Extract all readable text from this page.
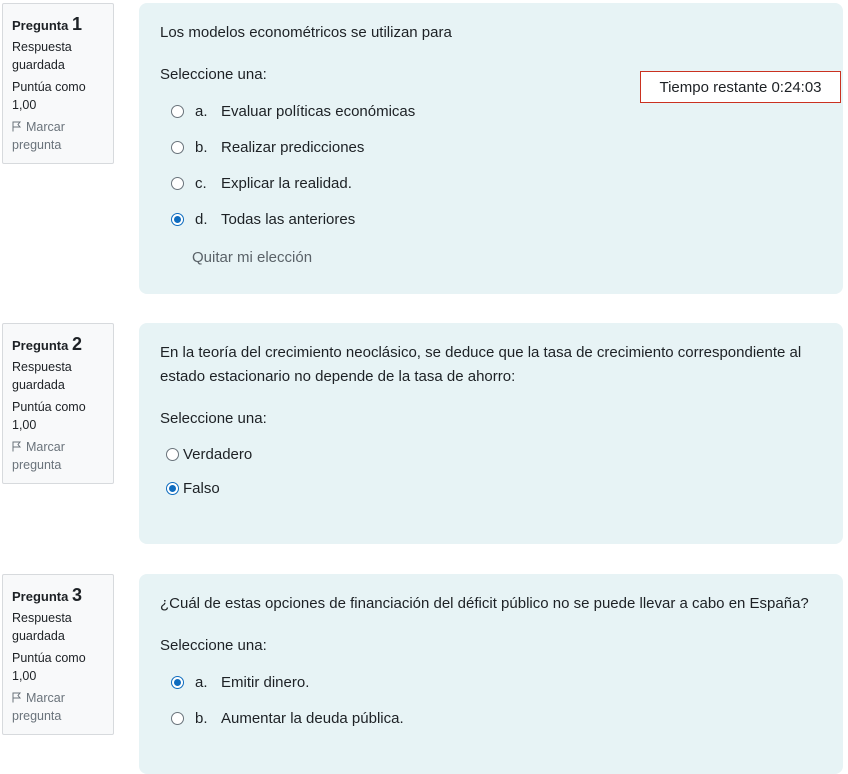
Pregunta 1
Respuesta guardada
Puntúa como 1,00
Marcar pregunta
Los modelos econométricos se utilizan para
Seleccione una:
a. Evaluar políticas económicas
b. Realizar predicciones
c. Explicar la realidad.
d. Todas las anteriores
Quitar mi elección
Tiempo restante 0:24:03
Pregunta 2
Respuesta guardada
Puntúa como 1,00
Marcar pregunta
En la teoría del crecimiento neoclásico, se deduce que la tasa de crecimiento correspondiente al estado estacionario no depende de la tasa de ahorro:
Seleccione una:
Verdadero
Falso
Pregunta 3
Respuesta guardada
Puntúa como 1,00
Marcar pregunta
¿Cuál de estas opciones de financiación del déficit público no se puede llevar a cabo en España?
Seleccione una:
a. Emitir dinero.
b. Aumentar la deuda pública.
